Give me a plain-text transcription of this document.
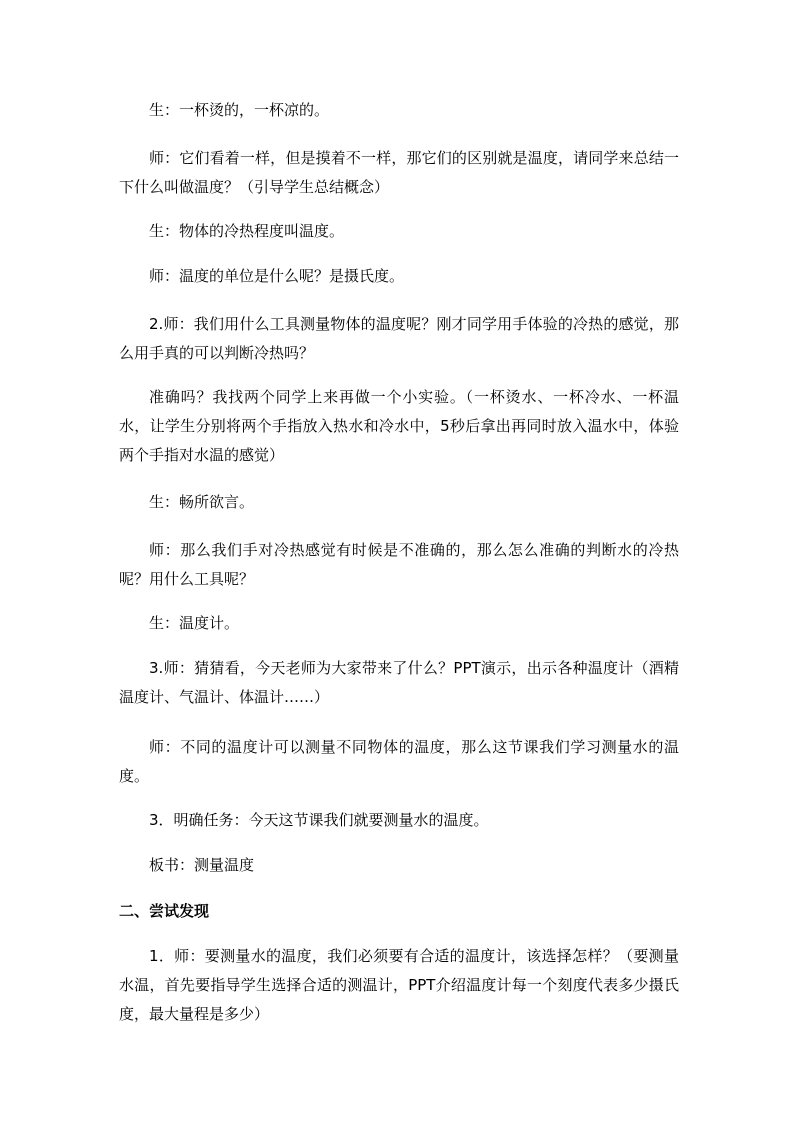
生：一杯烫的，一杯凉的。

师：它们看着一样，但是摸着不一样，那它们的区别就是温度，请同学来总结一下什么叫做温度？（引导学生总结概念）

生：物体的冷热程度叫温度。

师：温度的单位是什么呢？是摄氏度。

2.师：我们用什么工具测量物体的温度呢？刚才同学用手体验的冷热的感觉，那么用手真的可以判断冷热吗？

准确吗？我找两个同学上来再做一个小实验。（一杯烫水、一杯冷水、一杯温水，让学生分别将两个手指放入热水和冷水中，5秒后拿出再同时放入温水中，体验两个手指对水温的感觉）

生：畅所欲言。

师：那么我们手对冷热感觉有时候是不准确的，那么怎么准确的判断水的冷热呢？用什么工具呢？

生：温度计。

3.师：猜猜看，今天老师为大家带来了什么？PPT演示，出示各种温度计（酒精温度计、气温计、体温计……）

师：不同的温度计可以测量不同物体的温度，那么这节课我们学习测量水的温度。

3．明确任务：今天这节课我们就要测量水的温度。

板书：测量温度

二、尝试发现

1．师：要测量水的温度，我们必须要有合适的温度计，该选择怎样？（要测量水温，首先要指导学生选择合适的测温计，PPT介绍温度计每一个刻度代表多少摄氏度，最大量程是多少）
